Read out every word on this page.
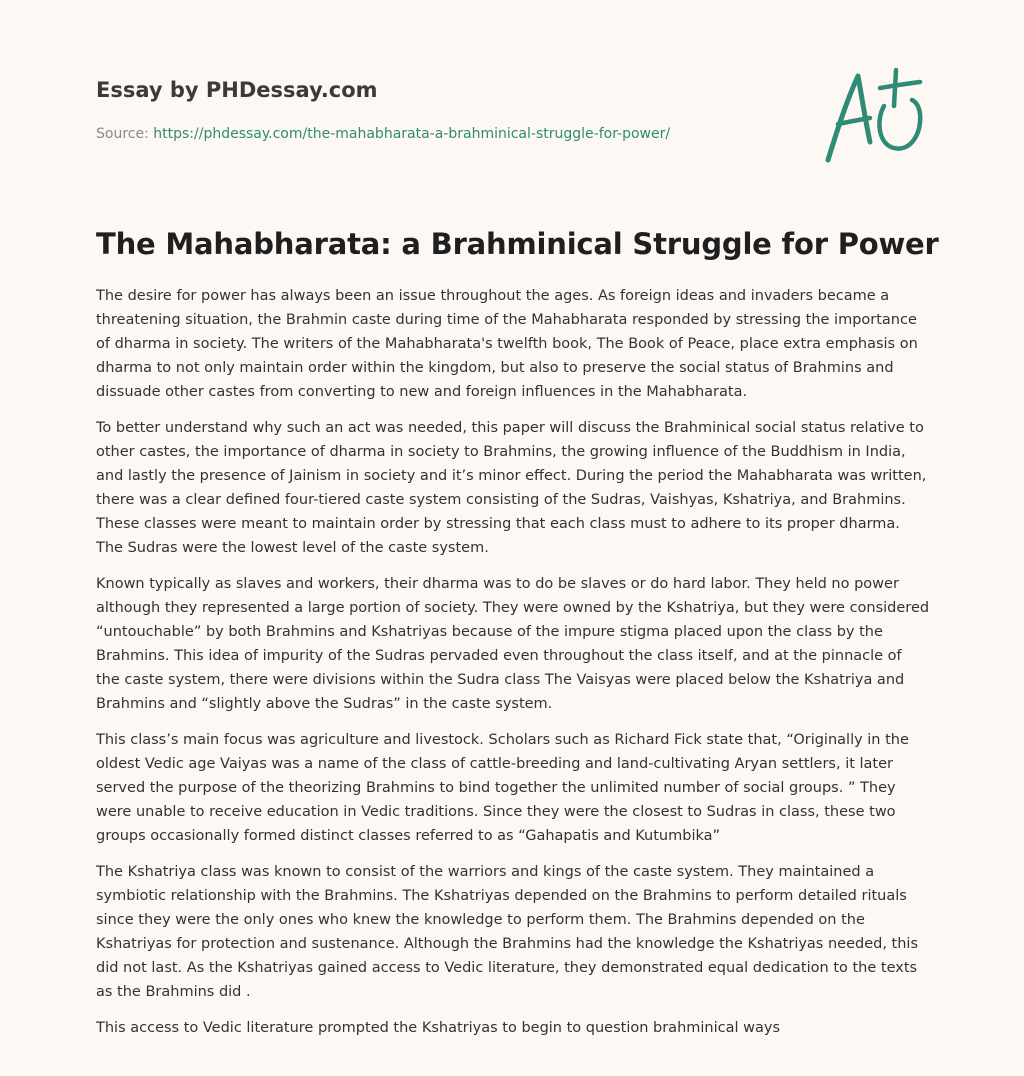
Essay by PHDessay.com
Source: https://phdessay.com/the-mahabharata-a-brahminical-struggle-for-power/
The Mahabharata: a Brahminical Struggle for Power

The desire for power has always been an issue throughout the ages. As foreign ideas and invaders became a threatening situation, the Brahmin caste during time of the Mahabharata responded by stressing the importance of dharma in society. The writers of the Mahabharata's twelfth book, The Book of Peace, place extra emphasis on dharma to not only maintain order within the kingdom, but also to preserve the social status of Brahmins and dissuade other castes from converting to new and foreign influences in the Mahabharata.

To better understand why such an act was needed, this paper will discuss the Brahminical social status relative to other castes, the importance of dharma in society to Brahmins, the growing influence of the Buddhism in India, and lastly the presence of Jainism in society and it’s minor effect. During the period the Mahabharata was written, there was a clear defined four-tiered caste system consisting of the Sudras, Vaishyas, Kshatriya, and Brahmins. These classes were meant to maintain order by stressing that each class must to adhere to its proper dharma. The Sudras were the lowest level of the caste system.

Known typically as slaves and workers, their dharma was to do be slaves or do hard labor. They held no power although they represented a large portion of society. They were owned by the Kshatriya, but they were considered “untouchable” by both Brahmins and Kshatriyas because of the impure stigma placed upon the class by the Brahmins. This idea of impurity of the Sudras pervaded even throughout the class itself, and at the pinnacle of the caste system, there were divisions within the Sudra class The Vaisyas were placed below the Kshatriya and Brahmins and “slightly above the Sudras” in the caste system.

This class’s main focus was agriculture and livestock. Scholars such as Richard Fick state that, “Originally in the oldest Vedic age Vaiyas was a name of the class of cattle-breeding and land-cultivating Aryan settlers, it later served the purpose of the theorizing Brahmins to bind together the unlimited number of social groups. ” They were unable to receive education in Vedic traditions. Since they were the closest to Sudras in class, these two groups occasionally formed distinct classes referred to as “Gahapatis and Kutumbika”

The Kshatriya class was known to consist of the warriors and kings of the caste system. They maintained a symbiotic relationship with the Brahmins. The Kshatriyas depended on the Brahmins to perform detailed rituals since they were the only ones who knew the knowledge to perform them. The Brahmins depended on the Kshatriyas for protection and sustenance. Although the Brahmins had the knowledge the Kshatriyas needed, this did not last. As the Kshatriyas gained access to Vedic literature, they demonstrated equal dedication to the texts as the Brahmins did .

This access to Vedic literature prompted the Kshatriyas to begin to question brahminical ways
